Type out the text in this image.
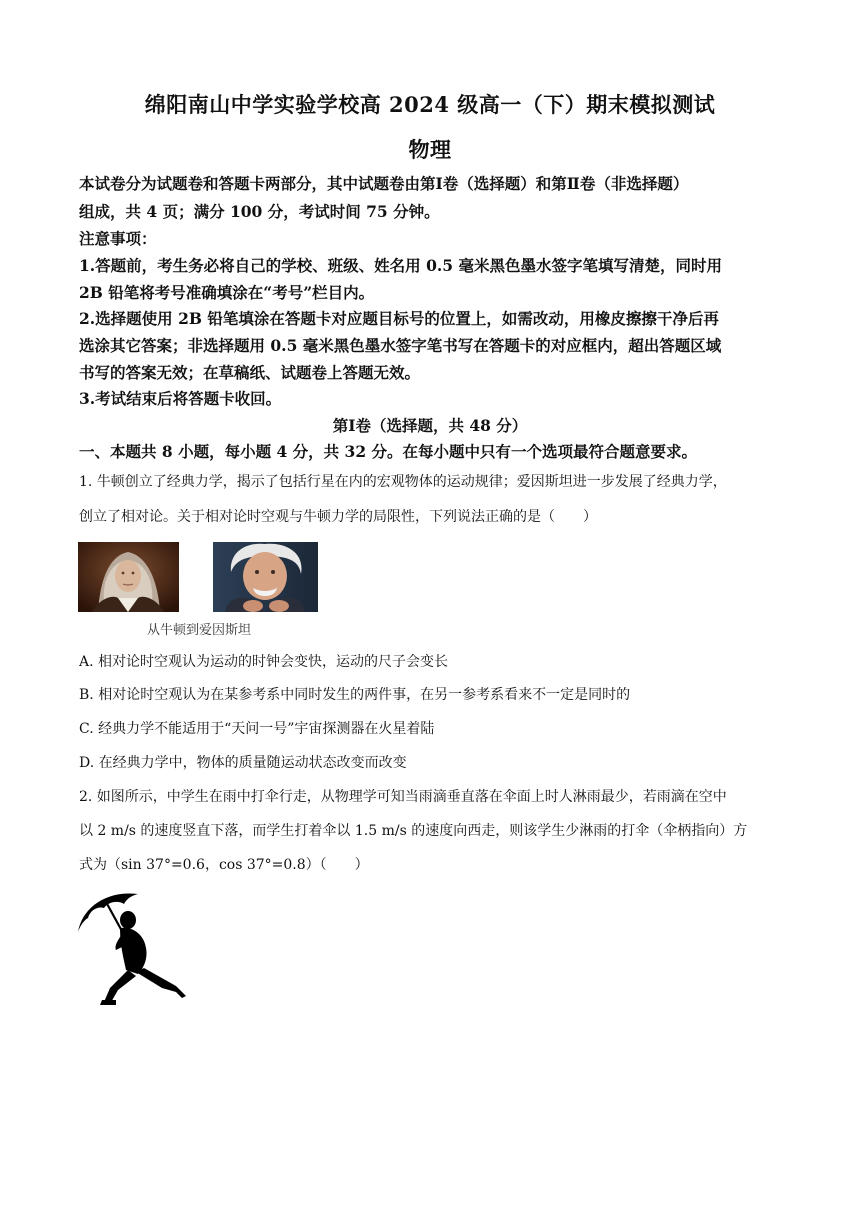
绵阳南山中学实验学校高 2024 级高一（下）期末模拟测试
物理
本试卷分为试题卷和答题卡两部分，其中试题卷由第Ⅰ卷（选择题）和第Ⅱ卷（非选择题）
组成，共 4 页；满分 100 分，考试时间 75 分钟。
注意事项：
1.答题前，考生务必将自己的学校、班级、姓名用 0.5 毫米黑色墨水签字笔填写清楚，同时用
2B 铅笔将考号准确填涂在“考号”栏目内。
2.选择题使用 2B 铅笔填涂在答题卡对应题目标号的位置上，如需改动，用橡皮擦擦干净后再
选涂其它答案；非选择题用 0.5 毫米黑色墨水签字笔书写在答题卡的对应框内，超出答题区域
书写的答案无效；在草稿纸、试题卷上答题无效。
3.考试结束后将答题卡收回。
第Ⅰ卷（选择题，共 48 分）
一、本题共 8 小题，每小题 4 分，共 32 分。在每小题中只有一个选项最符合题意要求。
1. 牛顿创立了经典力学，揭示了包括行星在内的宏观物体的运动规律；爱因斯坦进一步发展了经典力学，
创立了相对论。关于相对论时空观与牛顿力学的局限性，下列说法正确的是（　　）
从牛顿到爱因斯坦
A. 相对论时空观认为运动的时钟会变快，运动的尺子会变长
B. 相对论时空观认为在某参考系中同时发生的两件事，在另一参考系看来不一定是同时的
C. 经典力学不能适用于“天问一号”宇宙探测器在火星着陆
D. 在经典力学中，物体的质量随运动状态改变而改变
2. 如图所示，中学生在雨中打伞行走，从物理学可知当雨滴垂直落在伞面上时人淋雨最少，若雨滴在空中
以 2 m/s 的速度竖直下落，而学生打着伞以 1.5 m/s 的速度向西走，则该学生少淋雨的打伞（伞柄指向）方
式为（sin 37°=0.6，cos 37°=0.8）（　　）
